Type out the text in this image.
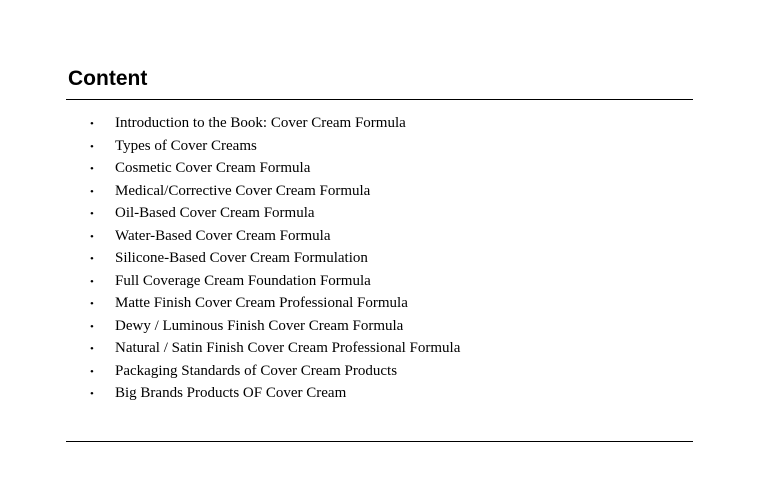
Content
•	Introduction to the Book: Cover Cream Formula
•	Types of Cover Creams
•	Cosmetic Cover Cream Formula
•	Medical/Corrective Cover Cream Formula
•	Oil-Based Cover Cream Formula
•	Water-Based Cover Cream Formula
•	Silicone-Based Cover Cream Formulation
•	Full Coverage Cream Foundation Formula
•	Matte Finish Cover Cream Professional Formula
•	Dewy / Luminous Finish Cover Cream Formula
•	Natural / Satin Finish Cover Cream Professional Formula
•	Packaging Standards of Cover Cream Products
•	Big Brands Products OF Cover Cream
